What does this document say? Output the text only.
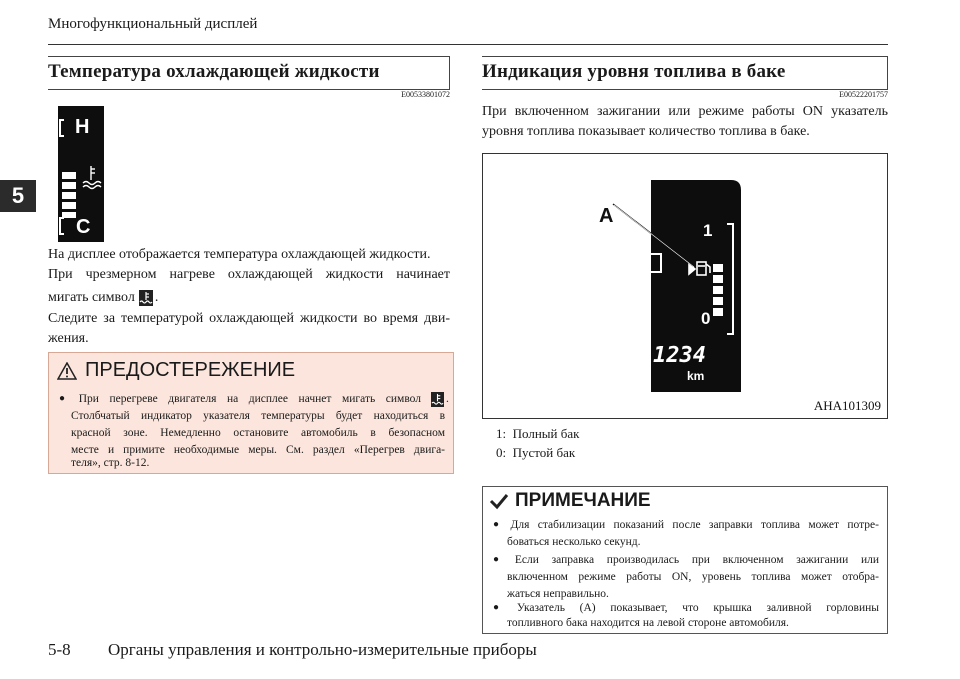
Многофункциональный дисплей
5
Температура охлаждающей жидкости
E00533801072
H
C
На дисплее отображается температура охлаждающей жидкости.
При чрезмерном нагреве охлаждающей жидкости начинает
мигать символ .
Следите за температурой охлаждающей жидкости во время дви-
жения.
ПРЕДОСТЕРЕЖЕНИЕ
● При перегреве двигателя на дисплее начнет мигать символ .
Столбчатый индикатор указателя температуры будет находиться в
красной зоне. Немедленно остановите автомобиль в безопасном
месте и примите необходимые меры. См. раздел «Перегрев двига-
теля», стр. 8-12.
Индикация уровня топлива в баке
E00522201757
При включенном зажигании или режиме работы ON указатель
уровня топлива показывает количество топлива в баке.
1
0
A
1234
km
AHA101309
1: Полный бак
0: Пустой бак
ПРИМЕЧАНИЕ
● Для стабилизации показаний после заправки топлива может потре-
боваться несколько секунд.
● Если заправка производилась при включенном зажигании или
включенном режиме работы ON, уровень топлива может отобра-
жаться неправильно.
● Указатель (A) показывает, что крышка заливной горловины
топливного бака находится на левой стороне автомобиля.
5-8 Органы управления и контрольно-измерительные приборы
